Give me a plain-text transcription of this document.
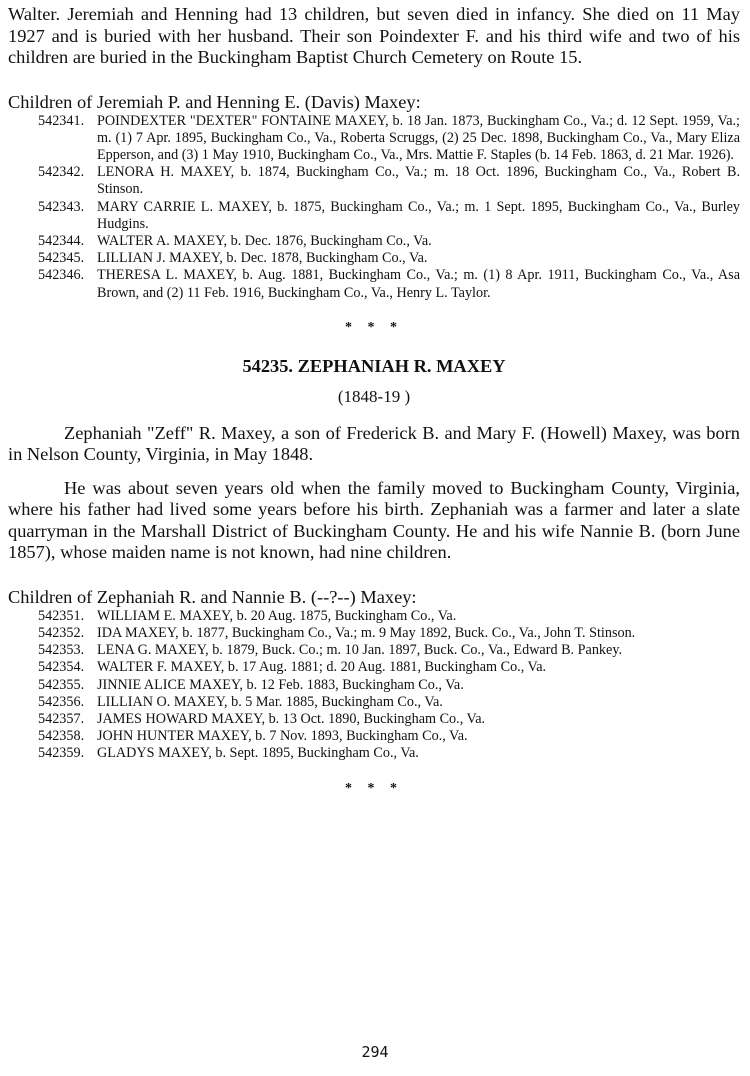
Walter. Jeremiah and Henning had 13 children, but seven died in infancy. She died on 11 May 1927 and is buried with her husband. Their son Poindexter F. and his third wife and two of his children are buried in the Buckingham Baptist Church Cemetery on Route 15.

Children of Jeremiah P. and Henning E. (Davis) Maxey:

542341. POINDEXTER "DEXTER" FONTAINE MAXEY, b. 18 Jan. 1873, Buckingham Co., Va.; d. 12 Sept. 1959, Va.; m. (1) 7 Apr. 1895, Buckingham Co., Va., Roberta Scruggs, (2) 25 Dec. 1898, Buckingham Co., Va., Mary Eliza Epperson, and (3) 1 May 1910, Buckingham Co., Va., Mrs. Mattie F. Staples (b. 14 Feb. 1863, d. 21 Mar. 1926).
542342. LENORA H. MAXEY, b. 1874, Buckingham Co., Va.; m. 18 Oct. 1896, Buckingham Co., Va., Robert B. Stinson.
542343. MARY CARRIE L. MAXEY, b. 1875, Buckingham Co., Va.; m. 1 Sept. 1895, Buckingham Co., Va., Burley Hudgins.
542344. WALTER A. MAXEY, b. Dec. 1876, Buckingham Co., Va.
542345. LILLIAN J. MAXEY, b. Dec. 1878, Buckingham Co., Va.
542346. THERESA L. MAXEY, b. Aug. 1881, Buckingham Co., Va.; m. (1) 8 Apr. 1911, Buckingham Co., Va., Asa Brown, and (2) 11 Feb. 1916, Buckingham Co., Va., Henry L. Taylor.
* * *

54235. ZEPHANIAH R. MAXEY

(1848-19 )

Zephaniah "Zeff" R. Maxey, a son of Frederick B. and Mary F. (Howell) Maxey, was born in Nelson County, Virginia, in May 1848.

He was about seven years old when the family moved to Buckingham County, Virginia, where his father had lived some years before his birth. Zephaniah was a farmer and later a slate quarryman in the Marshall District of Buckingham County. He and his wife Nannie B. (born June 1857), whose maiden name is not known, had nine children.

Children of Zephaniah R. and Nannie B. (--?--) Maxey:

542351. WILLIAM E. MAXEY, b. 20 Aug. 1875, Buckingham Co., Va.
542352. IDA MAXEY, b. 1877, Buckingham Co., Va.; m. 9 May 1892, Buck. Co., Va., John T. Stinson.
542353. LENA G. MAXEY, b. 1879, Buck. Co.; m. 10 Jan. 1897, Buck. Co., Va., Edward B. Pankey.
542354. WALTER F. MAXEY, b. 17 Aug. 1881; d. 20 Aug. 1881, Buckingham Co., Va.
542355. JINNIE ALICE MAXEY, b. 12 Feb. 1883, Buckingham Co., Va.
542356. LILLIAN O. MAXEY, b. 5 Mar. 1885, Buckingham Co., Va.
542357. JAMES HOWARD MAXEY, b. 13 Oct. 1890, Buckingham Co., Va.
542358. JOHN HUNTER MAXEY, b. 7 Nov. 1893, Buckingham Co., Va.
542359. GLADYS MAXEY, b. Sept. 1895, Buckingham Co., Va.
* * *
294
